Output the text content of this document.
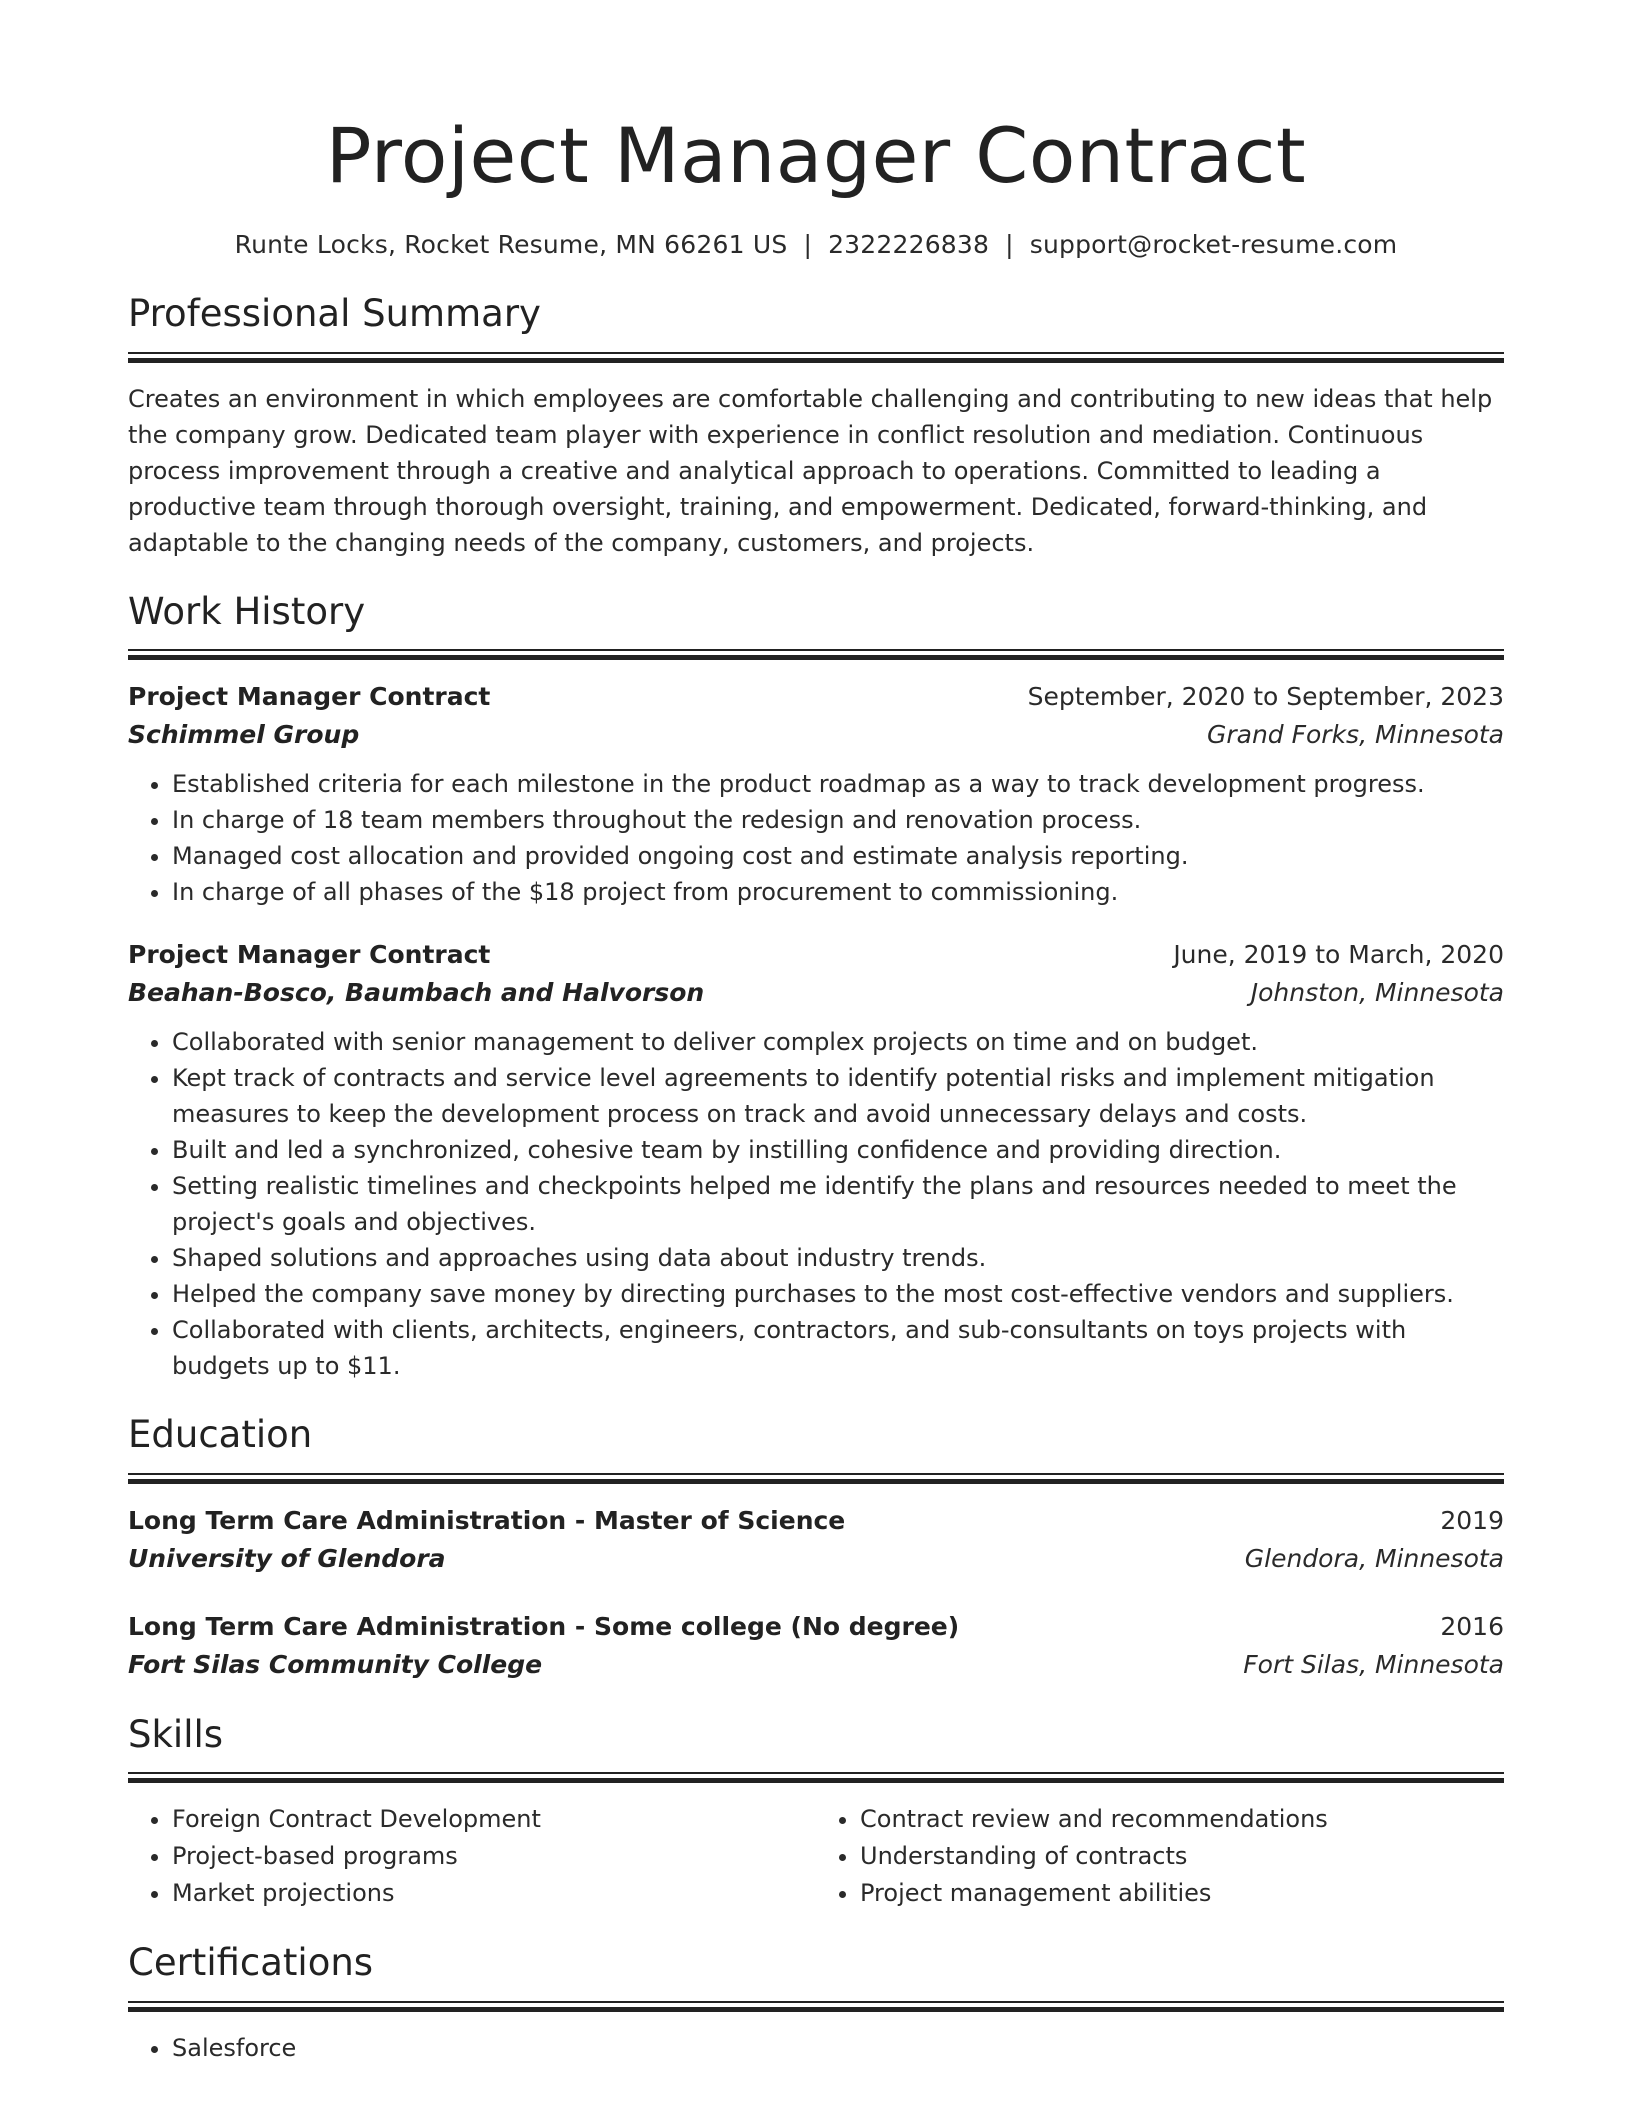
Project Manager Contract
Runte Locks, Rocket Resume, MN 66261 US | 2322226838 | support@rocket-resume.com
Professional Summary

Creates an environment in which employees are comfortable challenging and contributing to new ideas that help the company grow. Dedicated team player with experience in conflict resolution and mediation. Continuous process improvement through a creative and analytical approach to operations. Committed to leading a productive team through thorough oversight, training, and empowerment. Dedicated, forward-thinking, and adaptable to the changing needs of the company, customers, and projects.

Work History
Project Manager Contract	September, 2020 to September, 2023
Schimmel Group	Grand Forks, Minnesota
• Established criteria for each milestone in the product roadmap as a way to track development progress.
• In charge of 18 team members throughout the redesign and renovation process.
• Managed cost allocation and provided ongoing cost and estimate analysis reporting.
• In charge of all phases of the $18 project from procurement to commissioning.
Project Manager Contract	June, 2019 to March, 2020
Beahan-Bosco, Baumbach and Halvorson	Johnston, Minnesota
• Collaborated with senior management to deliver complex projects on time and on budget.
• Kept track of contracts and service level agreements to identify potential risks and implement mitigation measures to keep the development process on track and avoid unnecessary delays and costs.
• Built and led a synchronized, cohesive team by instilling confidence and providing direction.
• Setting realistic timelines and checkpoints helped me identify the plans and resources needed to meet the project's goals and objectives.
• Shaped solutions and approaches using data about industry trends.
• Helped the company save money by directing purchases to the most cost-effective vendors and suppliers.
• Collaborated with clients, architects, engineers, contractors, and sub-consultants on toys projects with budgets up to $11.
Education
Long Term Care Administration - Master of Science	2019
University of Glendora	Glendora, Minnesota
Long Term Care Administration - Some college (No degree)	2016
Fort Silas Community College	Fort Silas, Minnesota
Skills
• Foreign Contract Development
• Project-based programs
• Market projections
• Contract review and recommendations
• Understanding of contracts
• Project management abilities
Certifications
• Salesforce
